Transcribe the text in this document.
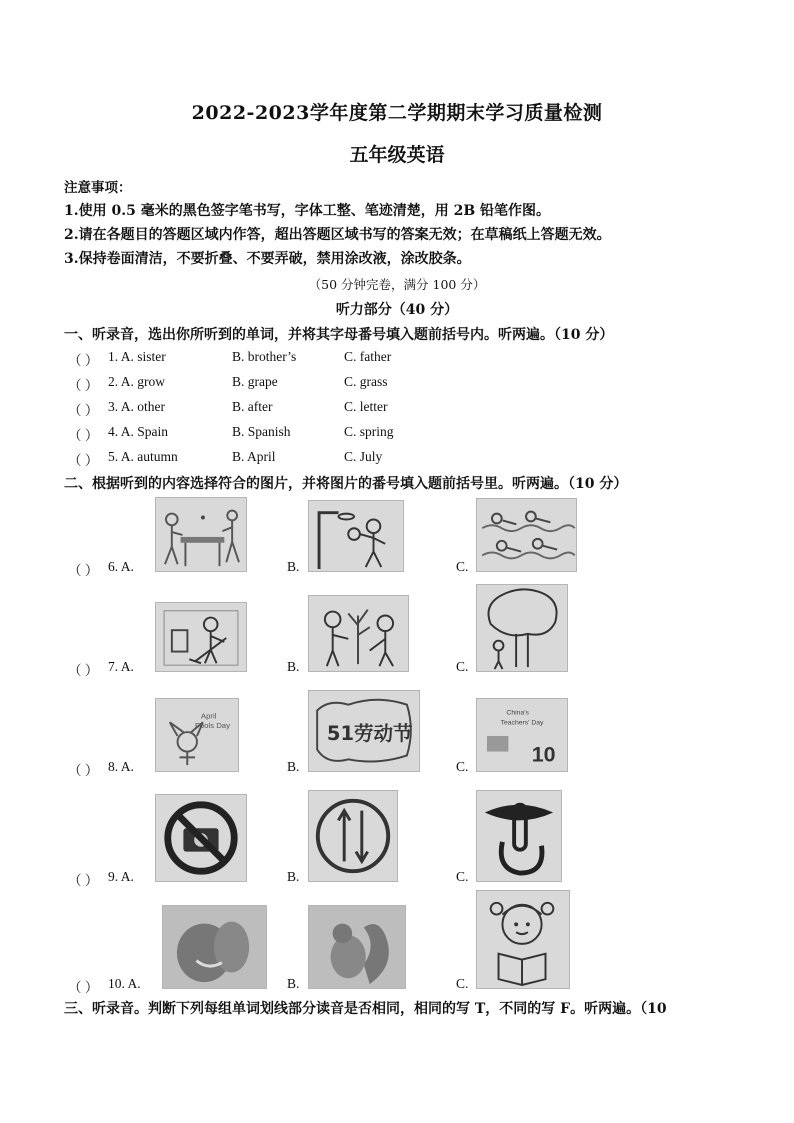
2022-2023学年度第二学期期末学习质量检测
五年级英语
注意事项：
1.使用 0.5 毫米的黑色签字笔书写，字体工整、笔迹清楚，用 2B 铅笔作图。
2.请在各题目的答题区域内作答，超出答题区域书写的答案无效；在草稿纸上答题无效。
3.保持卷面清洁，不要折叠、不要弄破，禁用涂改液，涂改胶条。
（50 分钟完卷，满分 100 分）
听力部分（40 分）
一、听录音，选出你所听到的单词，并将其字母番号填入题前括号内。听两遍。（10 分）
（ ） 1. A. sister	B. brother’s	C. father
（ ） 2. A. grow	B. grape	C. grass
（ ） 3. A. other	B. after	C. letter
（ ） 4. A. Spain	B. Spanish	C. spring
（ ） 5. A. autumn	B. April	C. July
二、根据听到的内容选择符合的图片，并将图片的番号填入题前括号里。听两遍。（10 分）
（ ） 6. A.	B.	C.
（ ） 7. A.	B.	C.
（ ） 8. A.
April
Fools Day
B.
51劳动节
C.
China's
Teachers' Day
10
（ ） 9. A.	B.	C.
（ ） 10. A.	B.	C.
三、听录音。判断下列每组单词划线部分读音是否相同，相同的写 T，不同的写 F。听两遍。（10
